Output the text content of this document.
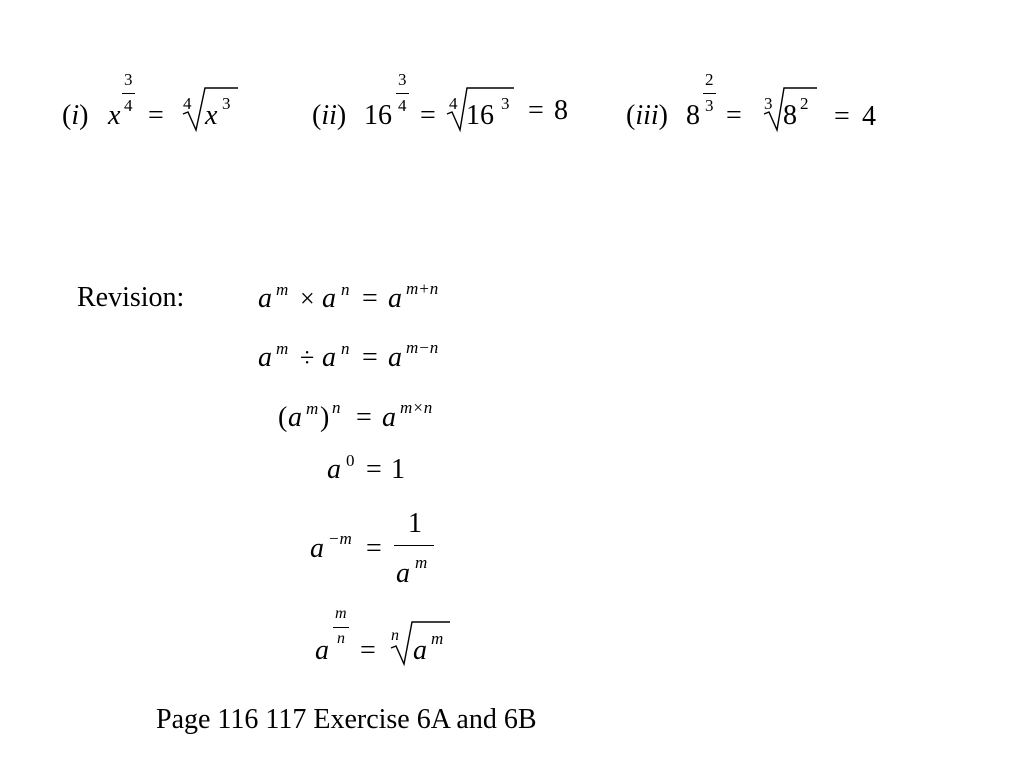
(i) x
3
4 = 4 x 3	(ii) 16
3
4 = 4 16 3 = 8 (iii) 8
2
3 = 3 8 2 = 4
Revision:	a m × a n = a m+n
a m ÷ a n = a m−n
( a m ) n = a m×n
a 0 = 1
a −m =
1
a m
a
m
n = n a m
Page 116 117 Exercise 6A and 6B
